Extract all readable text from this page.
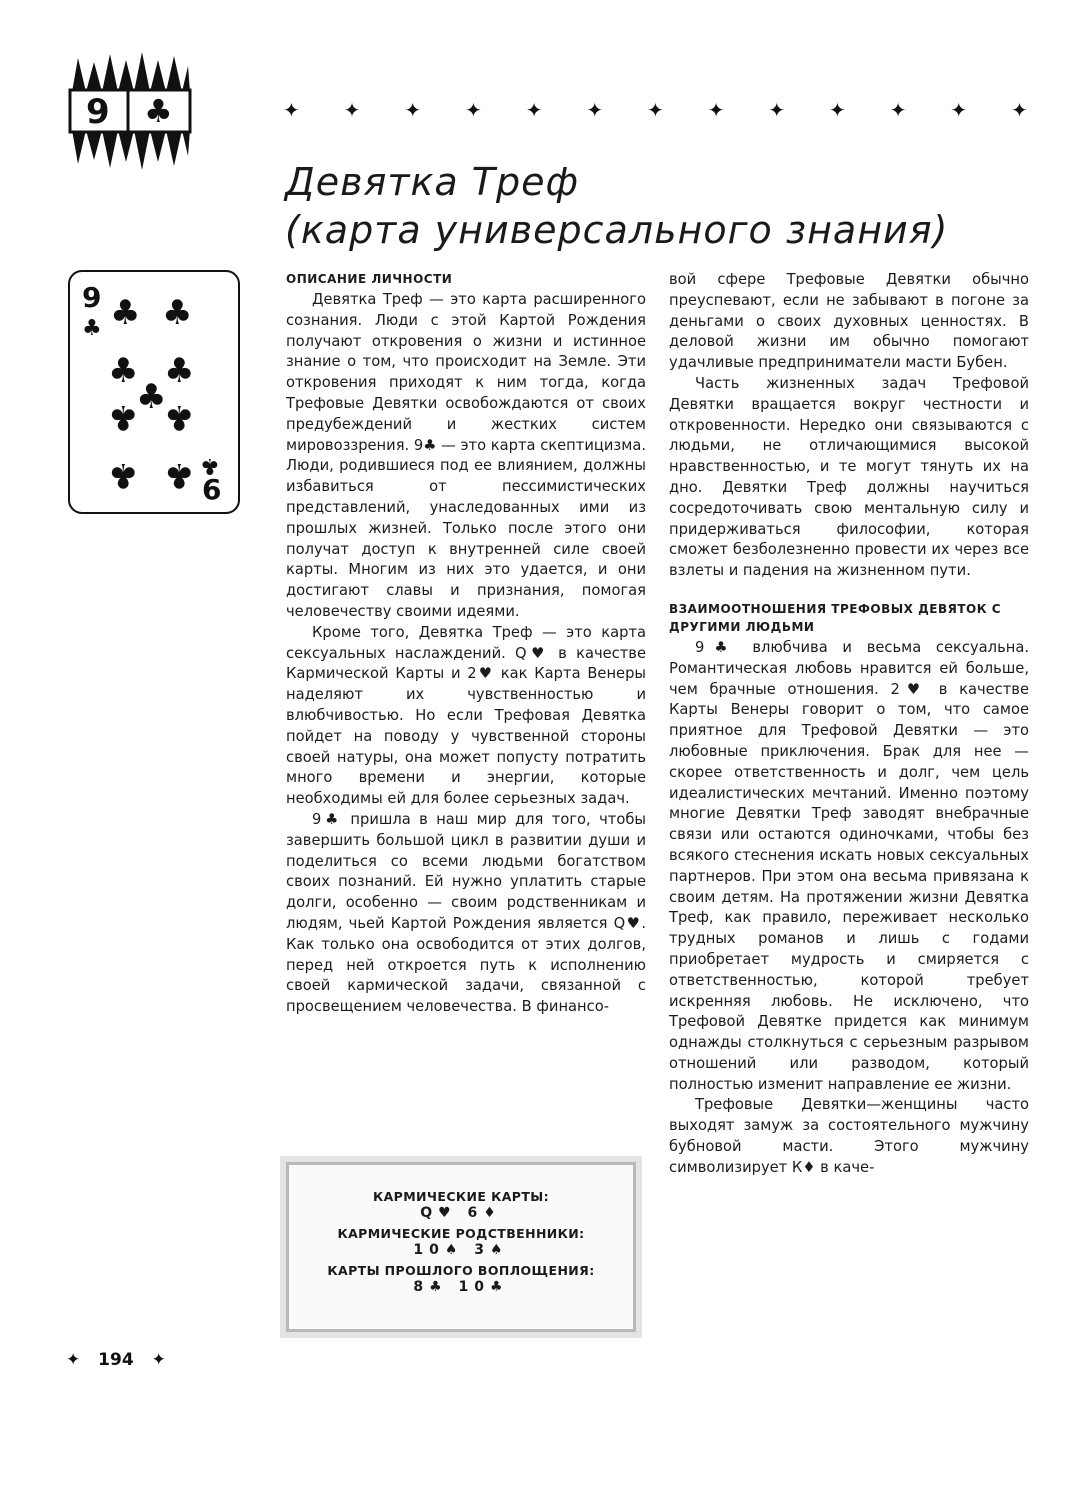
9 ♣	✦ ✦ ✦ ✦ ✦ ✦ ✦ ✦ ✦ ✦ ✦ ✦ ✦
Девятка Треф
(карта универсального знания)
9
♣ ♣ ♣
♣ ♣
♣
♣ ♣
♣ ♣ ♣
6

ОПИСАНИЕ ЛИЧНОСТИ

Девятка Треф — это карта расширенного сознания. Люди с этой Картой Рождения получают откровения о жизни и истинное знание о том, что происходит на Земле. Эти откровения приходят к ним тогда, когда Трефовые Девятки освобождаются от своих предубеждений и жестких систем мировоззрения. 9♣ — это карта скептицизма. Люди, родившиеся под ее влиянием, должны избавиться от пессимистических представлений, унаследованных ими из прошлых жизней. Только после этого они получат доступ к внутренней силе своей карты. Многим из них это удается, и они достигают славы и признания, помогая человечеству своими идеями.

Кроме того, Девятка Треф — это карта сексуальных наслаждений. Q♥ в качестве Кармической Карты и 2♥ как Карта Венеры наделяют их чувственностью и влюбчивостью. Но если Трефовая Девятка пойдет на поводу у чувственной стороны своей натуры, она может попусту потратить много времени и энергии, которые необходимы ей для более серьезных задач.

9♣ пришла в наш мир для того, чтобы завершить большой цикл в развитии души и поделиться со всеми людьми богатством своих познаний. Ей нужно уплатить старые долги, особенно — своим родственникам и людям, чьей Картой Рождения является Q♥. Как только она освободится от этих долгов, перед ней откроется путь к исполнению своей кармической задачи, связанной с просвещением человечества. В финансо-

вой сфере Трефовые Девятки обычно преуспевают, если не забывают в погоне за деньгами о своих духовных ценностях. В деловой жизни им обычно помогают удачливые предприниматели масти Бубен.

Часть жизненных задач Трефовой Девятки вращается вокруг честности и откровенности. Нередко они связываются с людьми, не отличающимися высокой нравственностью, и те могут тянуть их на дно. Девятки Треф должны научиться сосредоточивать свою ментальную силу и придерживаться философии, которая сможет безболезненно провести их через все взлеты и падения на жизненном пути.

ВЗАИМООТНОШЕНИЯ ТРЕФОВЫХ ДЕВЯТОК С ДРУГИМИ ЛЮДЬМИ

9♣ влюбчива и весьма сексуальна. Романтическая любовь нравится ей больше, чем брачные отношения. 2♥ в качестве Карты Венеры говорит о том, что самое приятное для Трефовой Девятки — это любовные приключения. Брак для нее — скорее ответственность и долг, чем цель идеалистических мечтаний. Именно поэтому многие Девятки Треф заводят внебрачные связи или остаются одиночками, чтобы без всякого стеснения искать новых сексуальных партнеров. При этом она весьма привязана к своим детям. На протяжении жизни Девятка Треф, как правило, переживает несколько трудных романов и лишь с годами приобретает мудрость и смиряется с ответственностью, которой требует искренняя любовь. Не исключено, что Трефовой Девятке придется как минимум однажды столкнуться с серьезным разрывом отношений или разводом, который полностью изменит направление ее жизни.

Трефовые Девятки—женщины часто выходят замуж за состоятельного мужчину бубновой масти. Этого мужчину символизирует К♦ в каче-

КАРМИЧЕСКИЕ КАРТЫ:
Q♥ 6♦
КАРМИЧЕСКИЕ РОДСТВЕННИКИ:
10♠ 3♠
КАРТЫ ПРОШЛОГО ВОПЛОЩЕНИЯ:
8♣ 10♣
✦ 194 ✦
